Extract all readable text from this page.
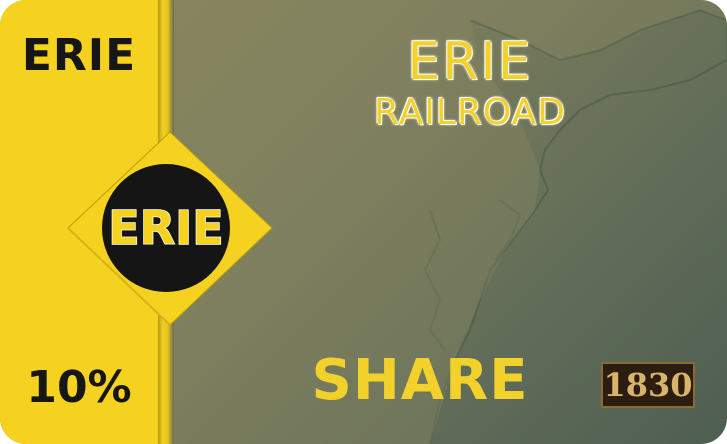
ERIE
10%
ERIE
ERIE
RAILROAD
SHARE	1830
